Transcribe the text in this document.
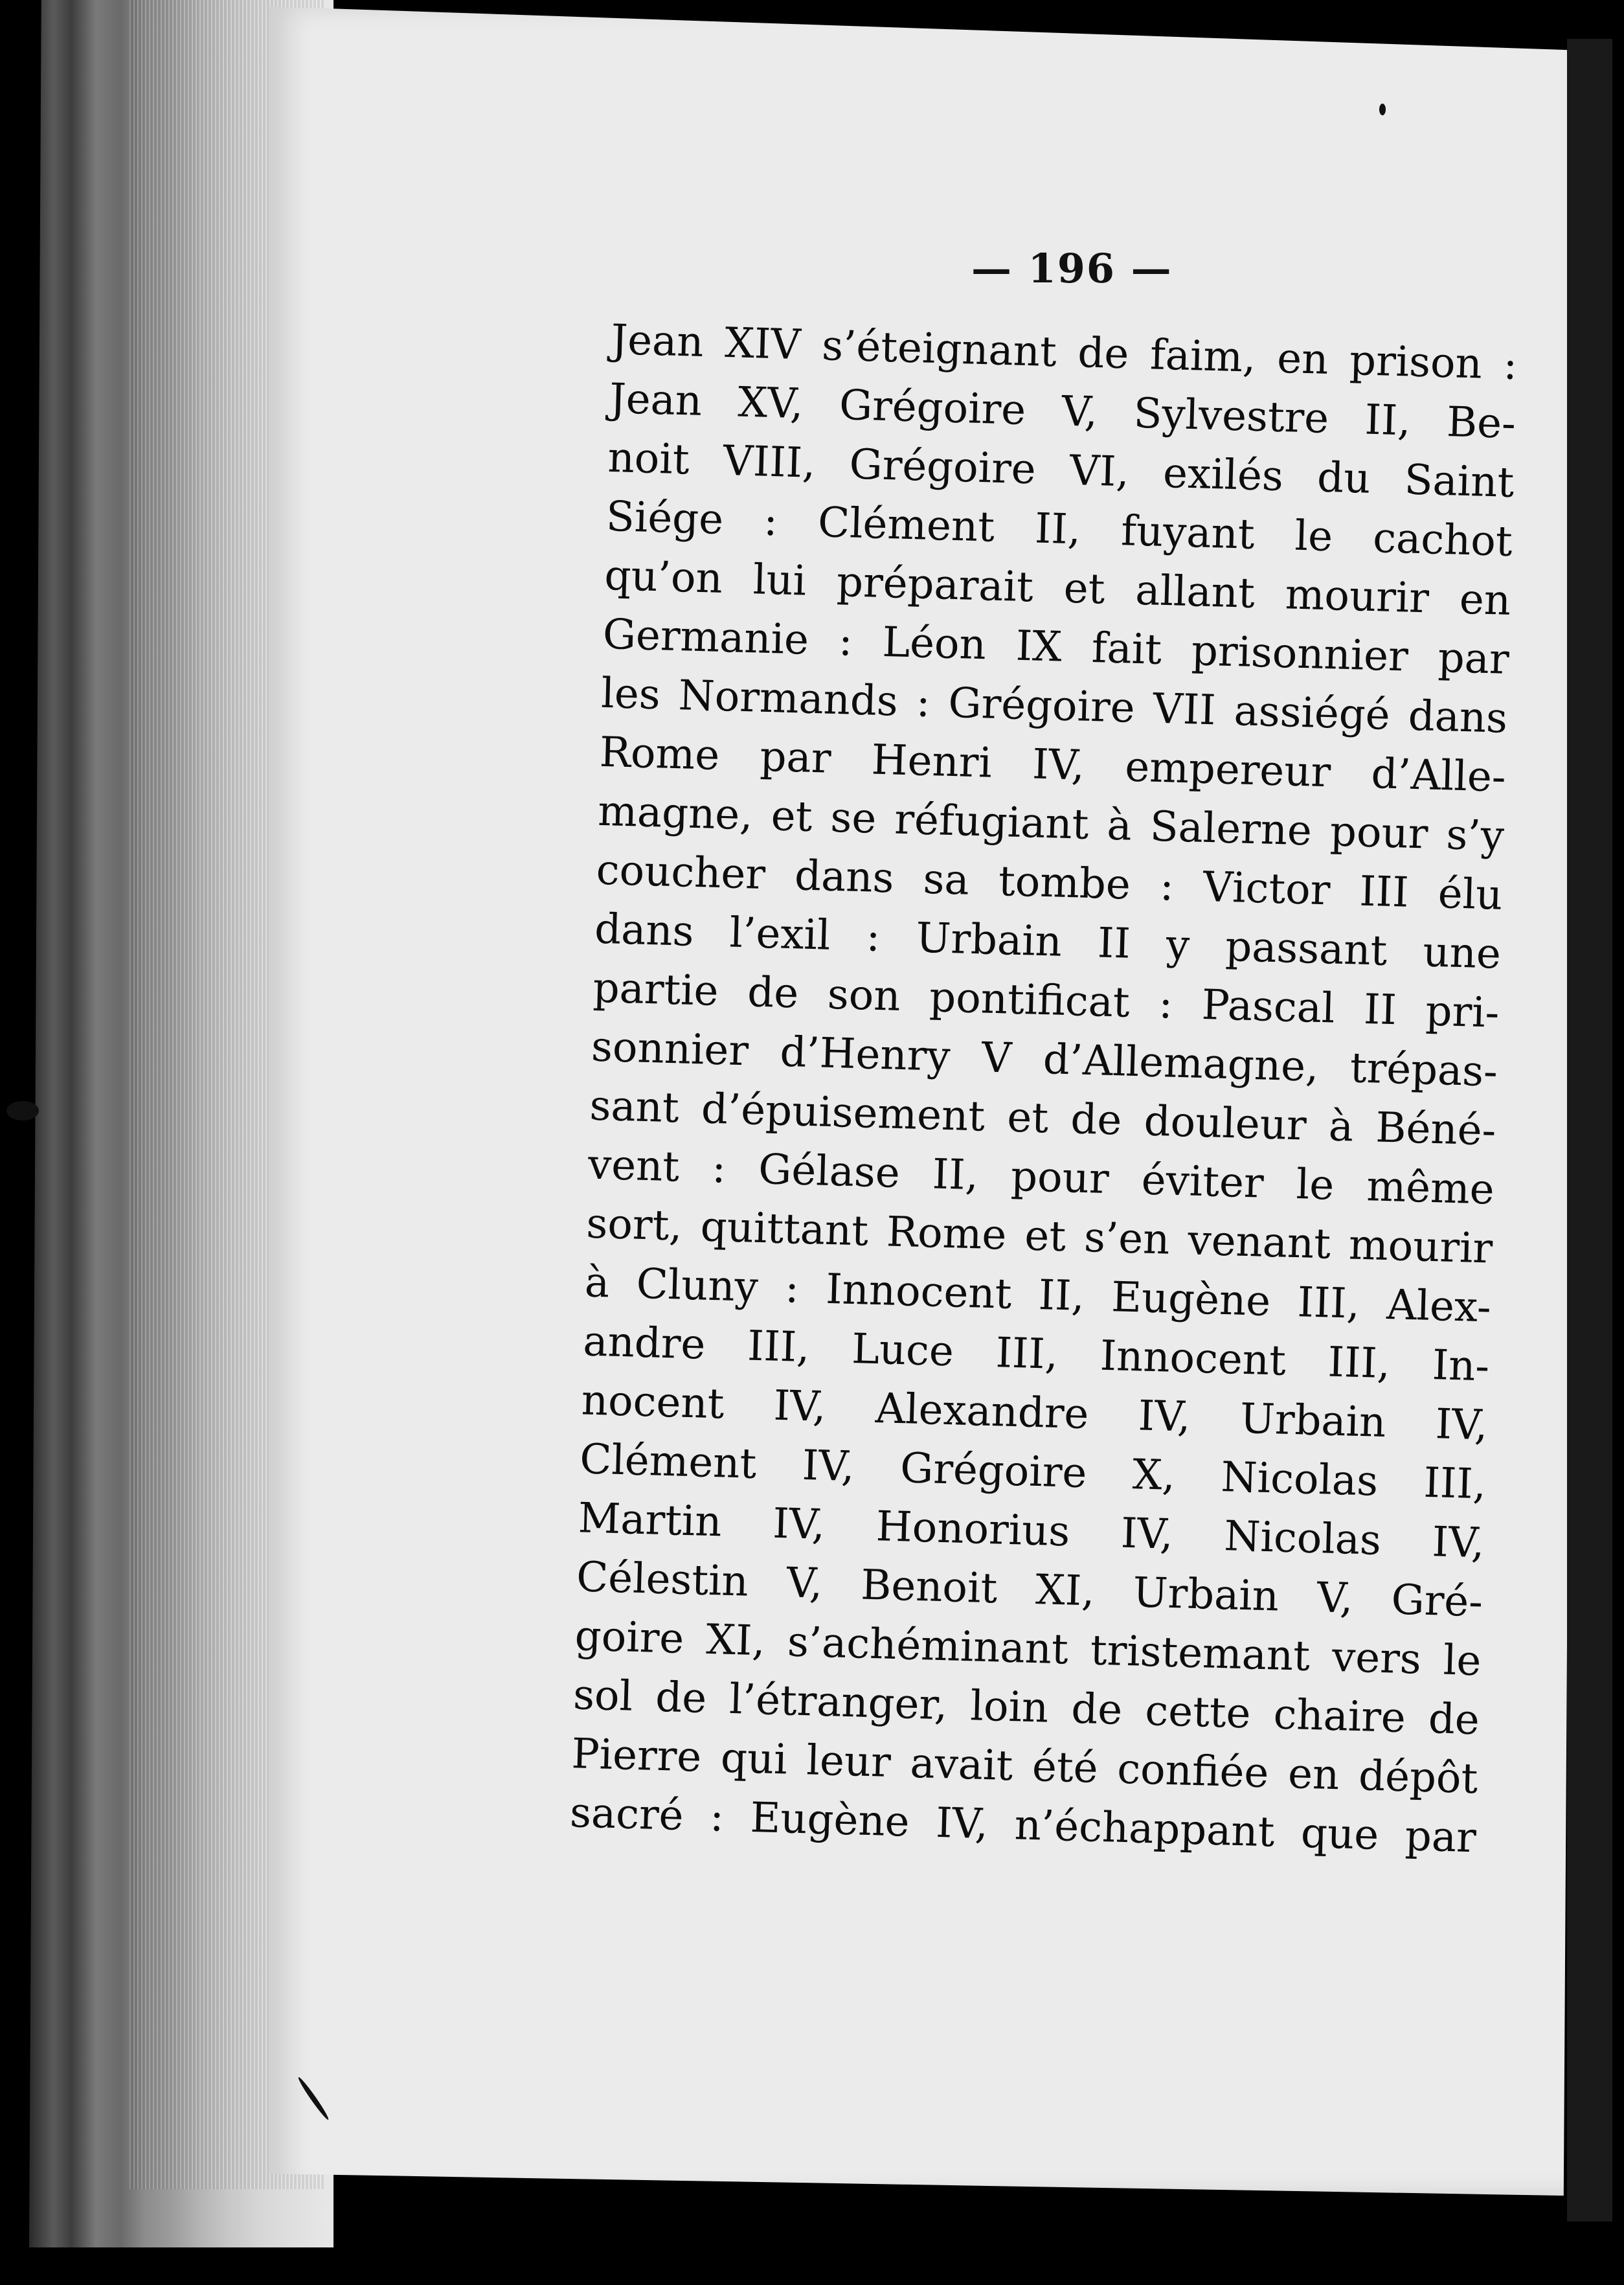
— 196 —
Jean XIV s’éteignant de faim, en prison :
Jean XV, Grégoire V, Sylvestre II, Be-
noit VIII, Grégoire VI, exilés du Saint
Siége : Clément II, fuyant le cachot
qu’on lui préparait et allant mourir en
Germanie : Léon IX fait prisonnier par
les Normands : Grégoire VII assiégé dans
Rome par Henri IV, empereur d’Alle-
magne, et se réfugiant à Salerne pour s’y
coucher dans sa tombe : Victor III élu
dans l’exil : Urbain II y passant une
partie de son pontificat : Pascal II pri-
sonnier d’Henry V d’Allemagne, trépas-
sant d’épuisement et de douleur à Béné-
vent : Gélase II, pour éviter le même
sort, quittant Rome et s’en venant mourir
à Cluny : Innocent II, Eugène III, Alex-
andre III, Luce III, Innocent III, In-
nocent IV, Alexandre IV, Urbain IV,
Clément IV, Grégoire X, Nicolas III,
Martin IV, Honorius IV, Nicolas IV,
Célestin V, Benoit XI, Urbain V, Gré-
goire XI, s’achéminant tristemant vers le
sol de l’étranger, loin de cette chaire de
Pierre qui leur avait été confiée en dépôt
sacré : Eugène IV, n’échappant que par
